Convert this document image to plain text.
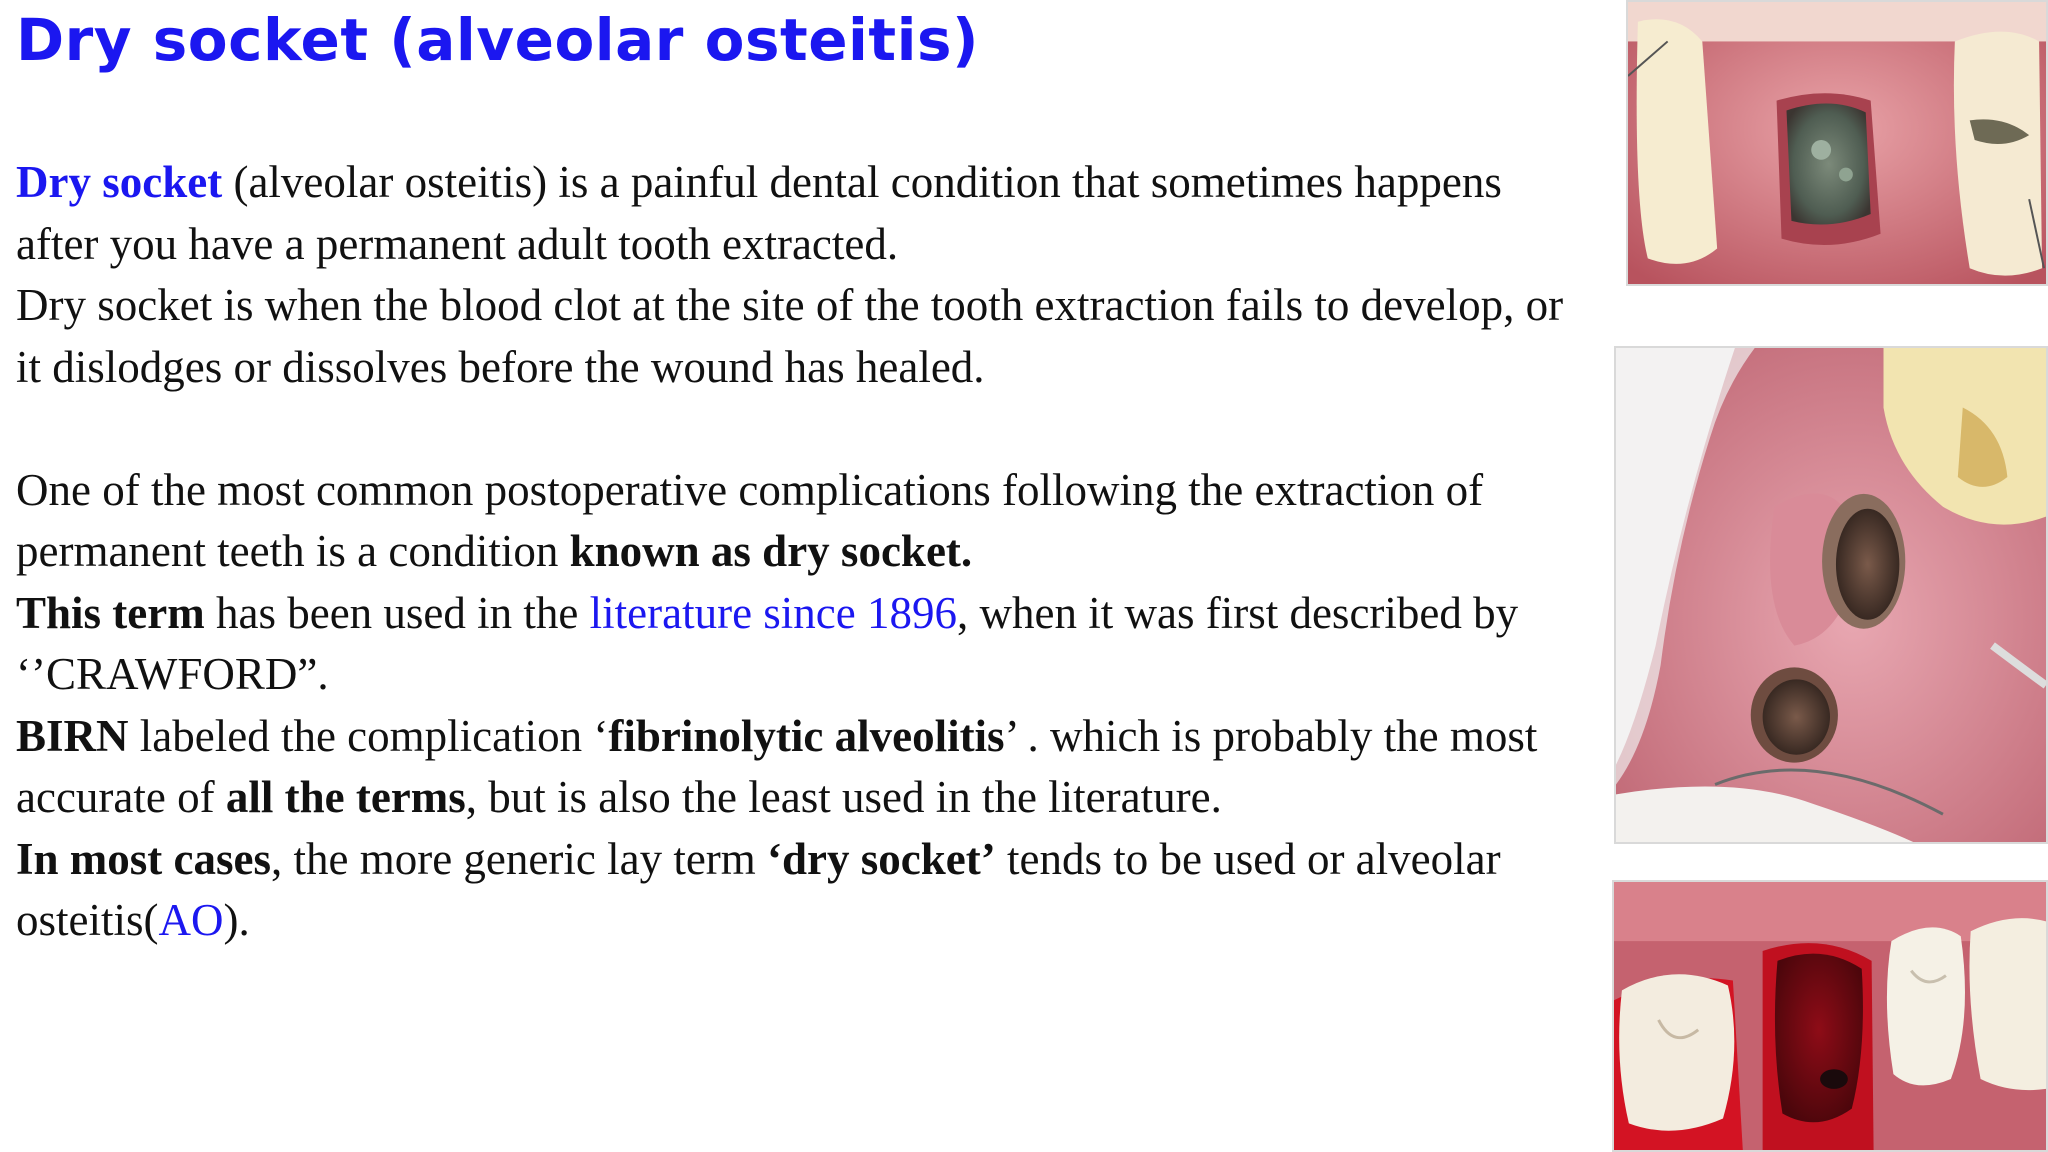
Dry socket (alveolar osteitis)

Dry socket (alveolar osteitis) is a painful dental condition that sometimes happens after you have a permanent adult tooth extracted.

Dry socket is when the blood clot at the site of the tooth extraction fails to develop, or it dislodges or dissolves before the wound has healed.

One of the most common postoperative complications following the extraction of permanent teeth is a condition known as dry socket.

This term has been used in the literature since 1896, when it was first described by ‘’CRAWFORD”.

BIRN labeled the complication ‘fibrinolytic alveolitis’ . which is probably the most accurate of all the terms, but is also the least used in the literature.

In most cases, the more generic lay term ‘dry socket’ tends to be used or alveolar osteitis(AO).
